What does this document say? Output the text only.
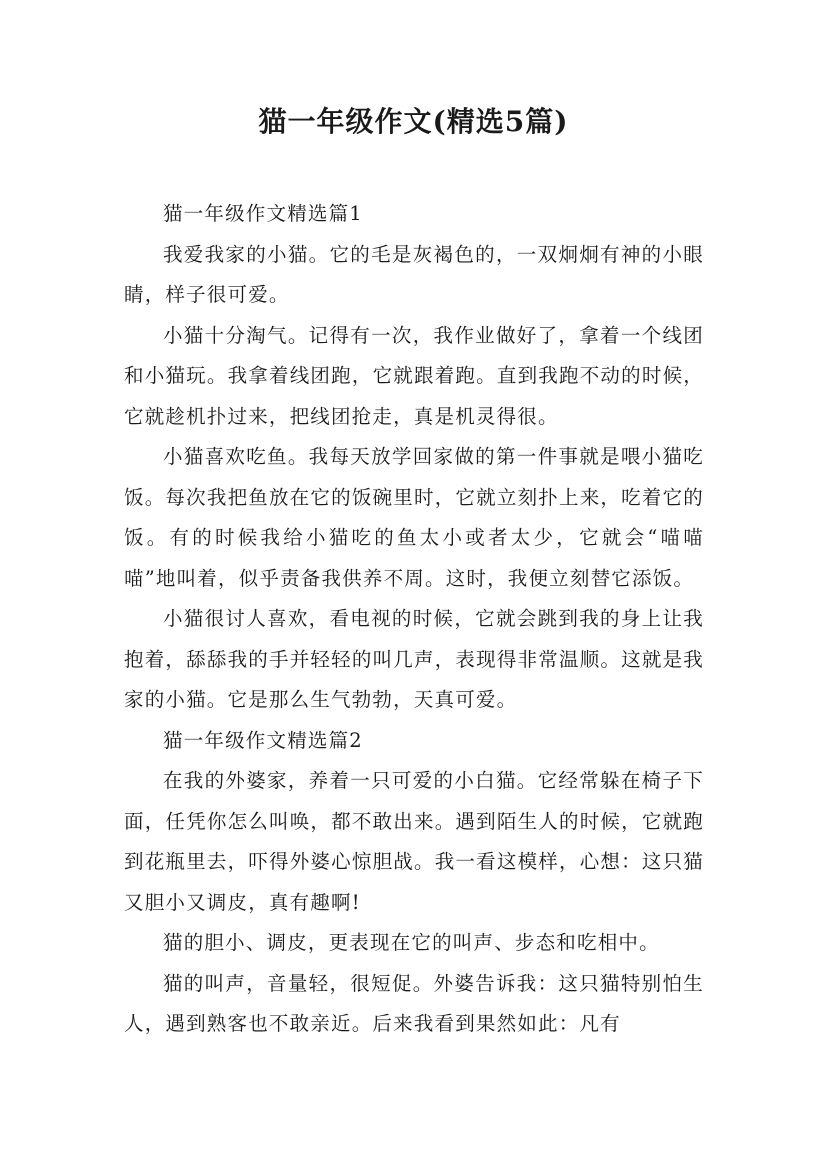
猫一年级作文(精选5篇)

猫一年级作文精选篇1

我爱我家的小猫。它的毛是灰褐色的，一双炯炯有神的小眼睛，样子很可爱。

小猫十分淘气。记得有一次，我作业做好了，拿着一个线团和小猫玩。我拿着线团跑，它就跟着跑。直到我跑不动的时候，它就趁机扑过来，把线团抢走，真是机灵得很。

小猫喜欢吃鱼。我每天放学回家做的第一件事就是喂小猫吃饭。每次我把鱼放在它的饭碗里时，它就立刻扑上来，吃着它的饭。有的时候我给小猫吃的鱼太小或者太少，它就会“喵喵喵”地叫着，似乎责备我供养不周。这时，我便立刻替它添饭。

小猫很讨人喜欢，看电视的时候，它就会跳到我的身上让我抱着，舔舔我的手并轻轻的叫几声，表现得非常温顺。这就是我家的小猫。它是那么生气勃勃，天真可爱。

猫一年级作文精选篇2

在我的外婆家，养着一只可爱的小白猫。它经常躲在椅子下面，任凭你怎么叫唤，都不敢出来。遇到陌生人的时候，它就跑到花瓶里去，吓得外婆心惊胆战。我一看这模样，心想：这只猫又胆小又调皮，真有趣啊!

猫的胆小、调皮，更表现在它的叫声、步态和吃相中。

猫的叫声，音量轻，很短促。外婆告诉我：这只猫特别怕生人，遇到熟客也不敢亲近。后来我看到果然如此：凡有
